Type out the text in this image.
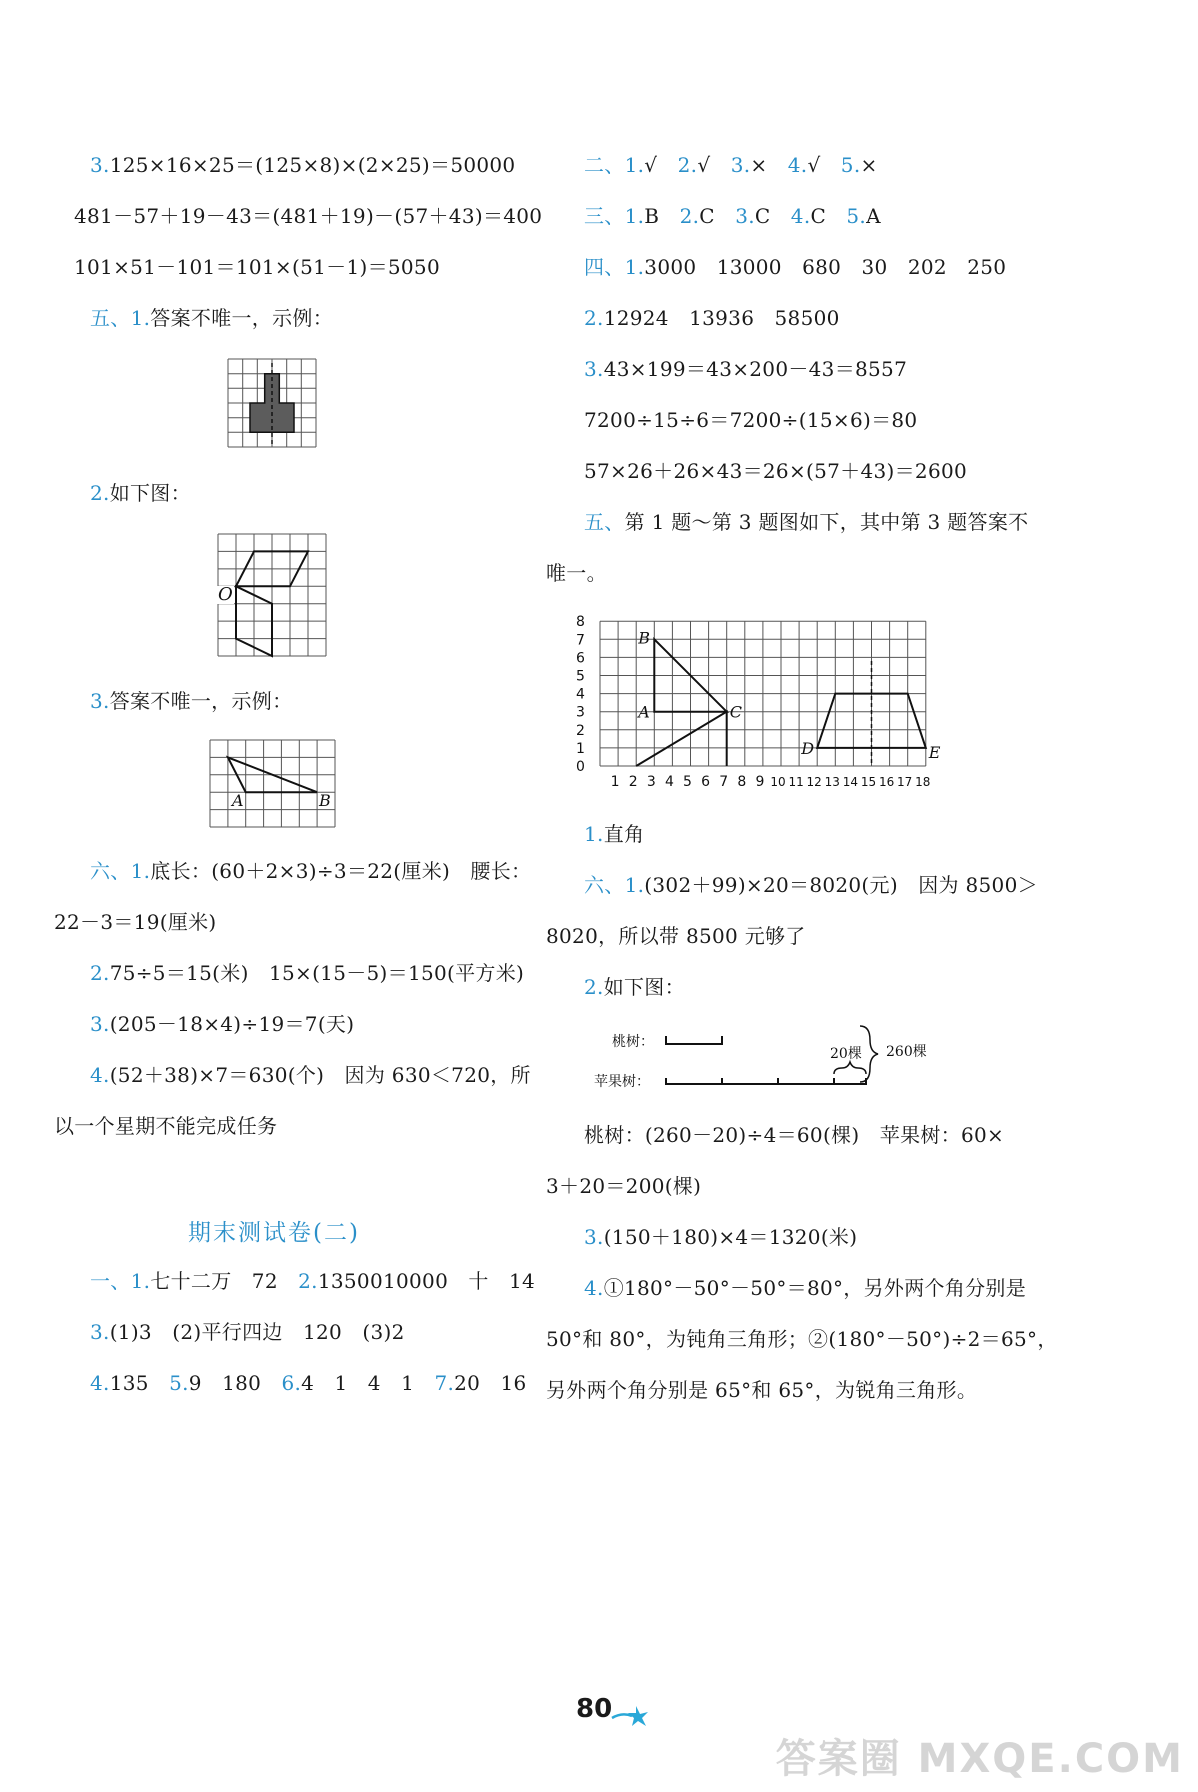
3.125×16×25＝(125×8)×(2×25)＝50000
481－57＋19－43＝(481＋19)－(57＋43)＝400
101×51－101＝101×(51－1)＝5050
五、1.答案不唯一，示例：
2.如下图：
O
3.答案不唯一，示例：
A	B
六、1.底长：(60＋2×3)÷3＝22(厘米)　腰长：
22－3＝19(厘米)
2.75÷5＝15(米)　15×(15－5)＝150(平方米)
3.(205－18×4)÷19＝7(天)
4.(52＋38)×7＝630(个)　因为 630＜720，所
以一个星期不能完成任务
期末测试卷(二)
一、1.七十二万　72　2.1350010000　十　14
3.(1)3　(2)平行四边　120　(3)2
4.135　5.9　180　6.4　1　4　1　7.20　16
二、1.√　2.√　3.×　4.√　5.×
三、1.B　2.C　3.C　4.C　5.A
四、1.3000　13000　680　30　202　250
2.12924　13936　58500
3.43×199＝43×200－43＝8557
7200÷15÷6＝7200÷(15×6)＝80
57×26＋26×43＝26×(57＋43)＝2600
五、第 1 题～第 3 题图如下，其中第 3 题答案不
唯一。
8
7
6
5
4
3
2
1
0
1 2 3 4 5 6 7 8 9 10 11 12 13 14 15 16 17 18
B
A	C
D	E
1.直角
六、1.(302＋99)×20＝8020(元)　因为 8500＞
8020，所以带 8500 元够了
2.如下图：
桃树：
苹果树：
20棵 260棵
桃树：(260－20)÷4＝60(棵)　苹果树：60×
3＋20＝200(棵)
3.(150＋180)×4＝1320(米)
4.①180°－50°－50°＝80°，另外两个角分别是
50°和 80°，为钝角三角形；②(180°－50°)÷2＝65°，
另外两个角分别是 65°和 65°，为锐角三角形。
80
答案圈 MXQE.COM
